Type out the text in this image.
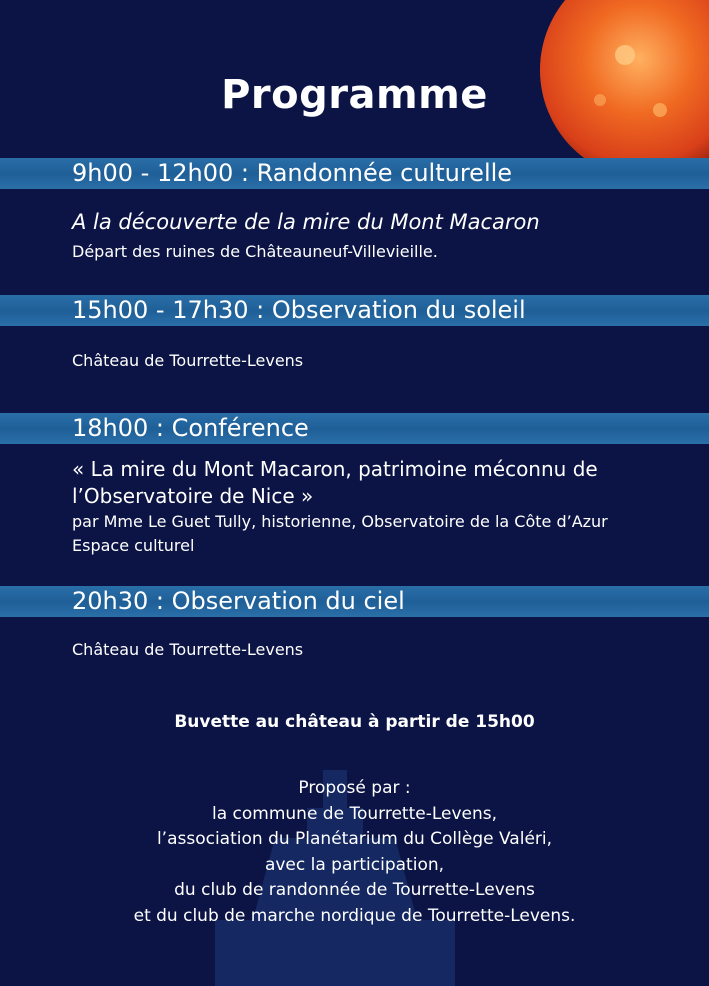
Programme
9h00 - 12h00 : Randonnée culturelle
A la découverte de la mire du Mont Macaron
Départ des ruines de Châteauneuf-Villevieille.
15h00 - 17h30 : Observation du soleil
Château de Tourrette-Levens
18h00 : Conférence
« La mire du Mont Macaron, patrimoine méconnu de
l’Observatoire de Nice »
par Mme Le Guet Tully, historienne, Observatoire de la Côte d’Azur
Espace culturel
20h30 : Observation du ciel
Château de Tourrette-Levens
Buvette au château à partir de 15h00
Proposé par :
la commune de Tourrette-Levens,
l’association du Planétarium du Collège Valéri,
avec la participation,
du club de randonnée de Tourrette-Levens
et du club de marche nordique de Tourrette-Levens.
